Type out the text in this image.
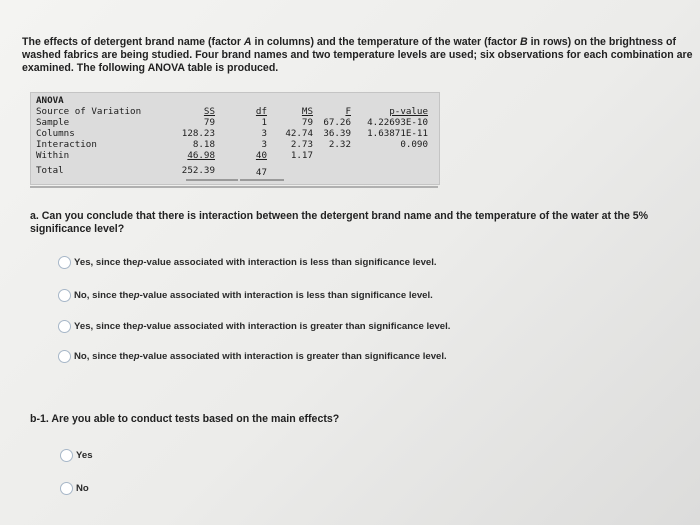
The effects of detergent brand name (factor A in columns) and the temperature of the water (factor B in rows) on the brightness of washed fabrics are being studied. Four brand names and two temperature levels are used; six observations for each combination are examined. The following ANOVA table is produced.
ANOVA
Source of Variation	SS	df	MS	F	p-value
Sample	79	1	79 67.26 4.22693E-10
Columns	128.23	3 42.74 36.39 1.63871E-11
Interaction	8.18	3	2.73 2.32	0.090
Within	46.98	40	1.17
Total	252.39	47
a. Can you conclude that there is interaction between the detergent brand name and the temperature of the water at the 5% significance level?
Yes , since the p -value associated with interaction is less than significance level.
No , since the p -value associated with interaction is less than significance level.
Yes , since the p -value associated with interaction is greater than significance level.
No , since the p -value associated with interaction is greater than significance level.
b-1. Are you able to conduct tests based on the main effects?
Yes
No
